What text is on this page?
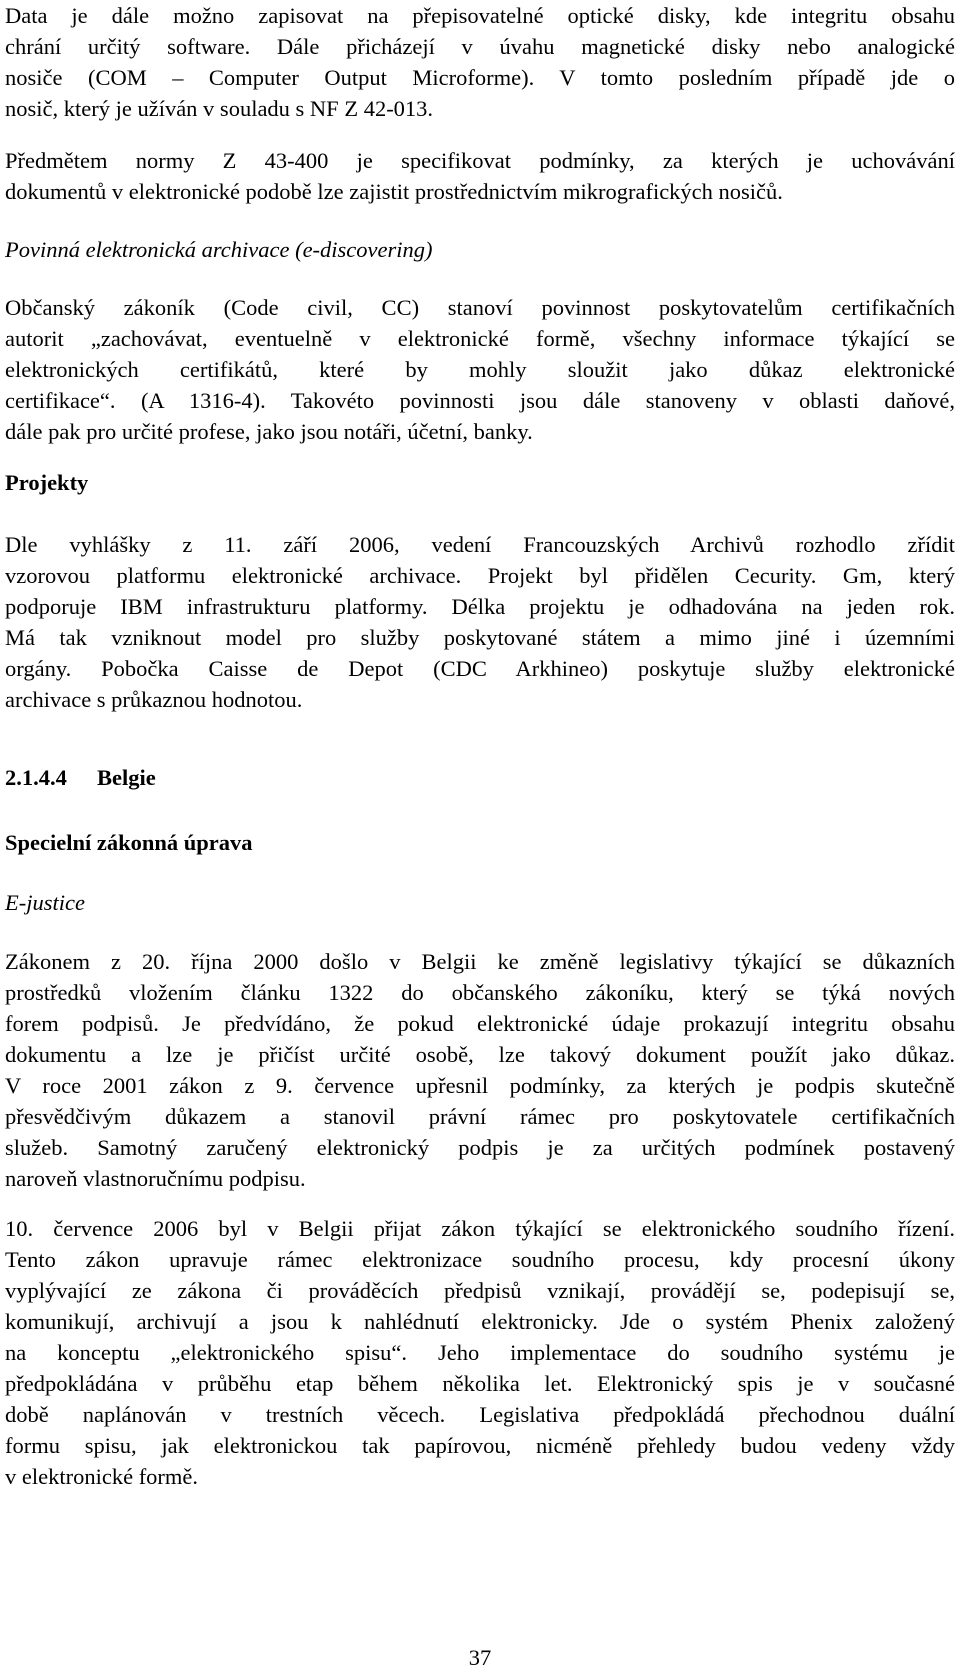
Data je dále možno zapisovat na přepisovatelné optické disky, kde integritu obsahu
chrání určitý software. Dále přicházejí v úvahu magnetické disky nebo analogické
nosiče (COM – Computer Output Microforme). V tomto posledním případě jde o
nosič, který je užíván v souladu s NF Z 42-013.
Předmětem normy Z 43-400 je specifikovat podmínky, za kterých je uchovávání
dokumentů v elektronické podobě lze zajistit prostřednictvím mikrografických nosičů.
Povinná elektronická archivace (e-discovering)
Občanský zákoník (Code civil, CC) stanoví povinnost poskytovatelům certifikačních
autorit „zachovávat, eventuelně v elektronické formě, všechny informace týkající se
elektronických certifikátů, které by mohly sloužit jako důkaz elektronické
certifikace“. (A 1316-4). Takovéto povinnosti jsou dále stanoveny v oblasti daňové,
dále pak pro určité profese, jako jsou notáři, účetní, banky.
Projekty
Dle vyhlášky z 11. září 2006, vedení Francouzských Archivů rozhodlo zřídit
vzorovou platformu elektronické archivace. Projekt byl přidělen Cecurity. Gm, který
podporuje IBM infrastrukturu platformy. Délka projektu je odhadována na jeden rok.
Má tak vzniknout model pro služby poskytované státem a mimo jiné i územními
orgány. Pobočka Caisse de Depot (CDC Arkhineo) poskytuje služby elektronické
archivace s průkaznou hodnotou.
2.1.4.4 Belgie
Specielní zákonná úprava
E-justice
Zákonem z 20. října 2000 došlo v Belgii ke změně legislativy týkající se důkazních
prostředků vložením článku 1322 do občanského zákoníku, který se týká nových
forem podpisů. Je předvídáno, že pokud elektronické údaje prokazují integritu obsahu
dokumentu a lze je přičíst určité osobě, lze takový dokument použít jako důkaz.
V roce 2001 zákon z 9. července upřesnil podmínky, za kterých je podpis skutečně
přesvědčivým důkazem a stanovil právní rámec pro poskytovatele certifikačních
služeb. Samotný zaručený elektronický podpis je za určitých podmínek postavený
naroveň vlastnoručnímu podpisu.
10. července 2006 byl v Belgii přijat zákon týkající se elektronického soudního řízení.
Tento zákon upravuje rámec elektronizace soudního procesu, kdy procesní úkony
vyplývající ze zákona či prováděcích předpisů vznikají, provádějí se, podepisují se,
komunikují, archivují a jsou k nahlédnutí elektronicky. Jde o systém Phenix založený
na konceptu „elektronického spisu“. Jeho implementace do soudního systému je
předpokládána v průběhu etap během několika let. Elektronický spis je v současné
době naplánován v trestních věcech. Legislativa předpokládá přechodnou duální
formu spisu, jak elektronickou tak papírovou, nicméně přehledy budou vedeny vždy
v elektronické formě.
37
